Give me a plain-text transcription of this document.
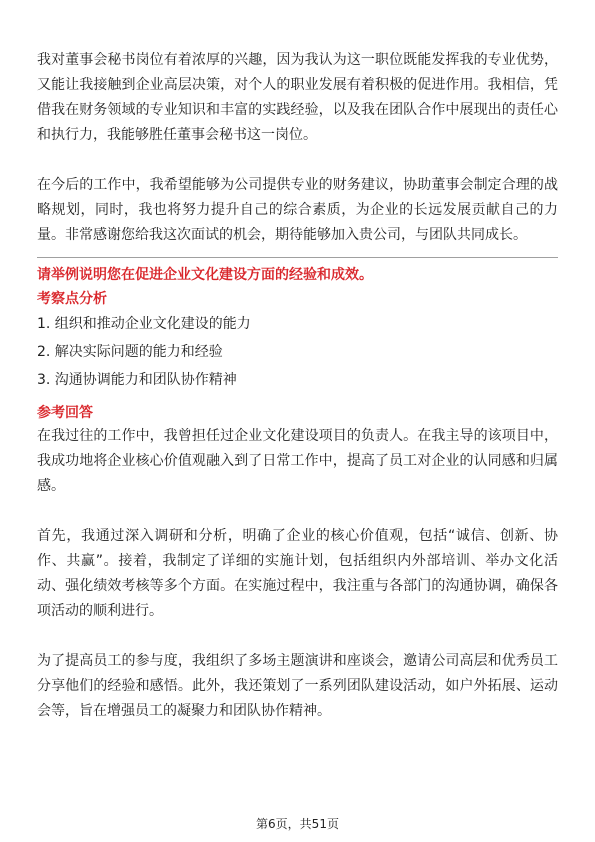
我对董事会秘书岗位有着浓厚的兴趣，因为我认为这一职位既能发挥我的专业优势，又能让我接触到企业高层决策，对个人的职业发展有着积极的促进作用。我相信，凭借我在财务领域的专业知识和丰富的实践经验，以及我在团队合作中展现出的责任心和执行力，我能够胜任董事会秘书这一岗位。

在今后的工作中，我希望能够为公司提供专业的财务建议，协助董事会制定合理的战略规划，同时，我也将努力提升自己的综合素质，为企业的长远发展贡献自己的力量。非常感谢您给我这次面试的机会，期待能够加入贵公司，与团队共同成长。

请举例说明您在促进企业文化建设方面的经验和成效。

考察点分析

1. 组织和推动企业文化建设的能力
2. 解决实际问题的能力和经验
3. 沟通协调能力和团队协作精神

参考回答

在我过往的工作中，我曾担任过企业文化建设项目的负责人。在我主导的该项目中，我成功地将企业核心价值观融入到了日常工作中，提高了员工对企业的认同感和归属感。

首先，我通过深入调研和分析，明确了企业的核心价值观，包括“诚信、创新、协作、共赢”。接着，我制定了详细的实施计划，包括组织内外部培训、举办文化活动、强化绩效考核等多个方面。在实施过程中，我注重与各部门的沟通协调，确保各项活动的顺利进行。

为了提高员工的参与度，我组织了多场主题演讲和座谈会，邀请公司高层和优秀员工分享他们的经验和感悟。此外，我还策划了一系列团队建设活动，如户外拓展、运动会等，旨在增强员工的凝聚力和团队协作精神。

第6页，共51页
